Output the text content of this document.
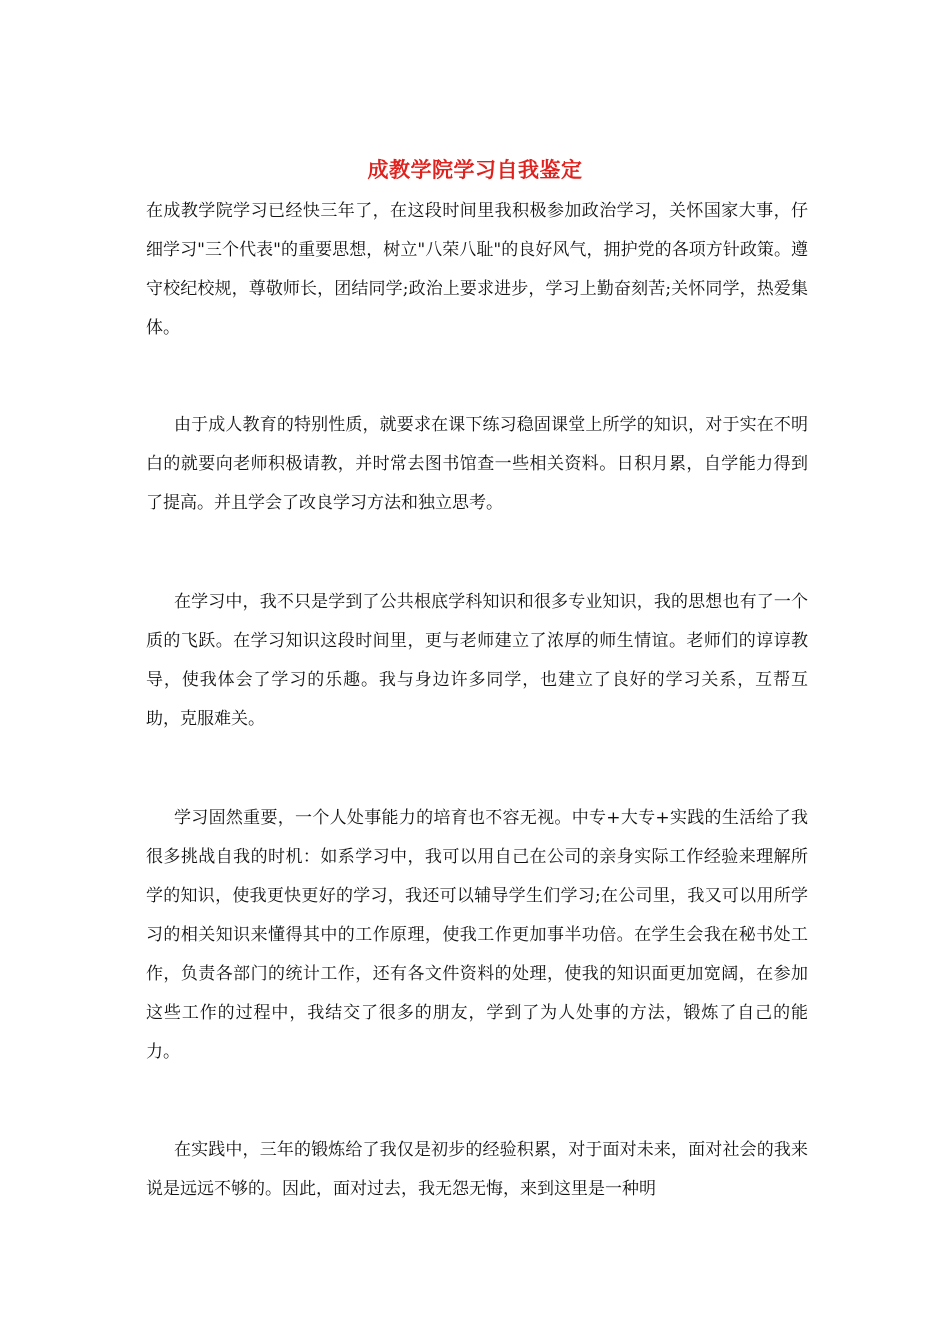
成教学院学习自我鉴定

在成教学院学习已经快三年了，在这段时间里我积极参加政治学习，关怀国家大事，仔细学习"三个代表"的重要思想，树立"八荣八耻"的良好风气，拥护党的各项方针政策。遵守校纪校规，尊敬师长，团结同学;政治上要求进步，学习上勤奋刻苦;关怀同学，热爱集体。

由于成人教育的特别性质，就要求在课下练习稳固课堂上所学的知识，对于实在不明白的就要向老师积极请教，并时常去图书馆查一些相关资料。日积月累，自学能力得到了提高。并且学会了改良学习方法和独立思考。

在学习中，我不只是学到了公共根底学科知识和很多专业知识，我的思想也有了一个质的飞跃。在学习知识这段时间里，更与老师建立了浓厚的师生情谊。老师们的谆谆教导，使我体会了学习的乐趣。我与身边许多同学，也建立了良好的学习关系，互帮互助，克服难关。

学习固然重要，一个人处事能力的培育也不容无视。中专+大专+实践的生活给了我很多挑战自我的时机：如系学习中，我可以用自己在公司的亲身实际工作经验来理解所学的知识，使我更快更好的学习，我还可以辅导学生们学习;在公司里，我又可以用所学习的相关知识来懂得其中的工作原理，使我工作更加事半功倍。在学生会我在秘书处工作，负责各部门的统计工作，还有各文件资料的处理，使我的知识面更加宽阔，在参加这些工作的过程中，我结交了很多的朋友，学到了为人处事的方法，锻炼了自己的能力。

在实践中，三年的锻炼给了我仅是初步的经验积累，对于面对未来，面对社会的我来说是远远不够的。因此，面对过去，我无怨无悔，来到这里是一种明
